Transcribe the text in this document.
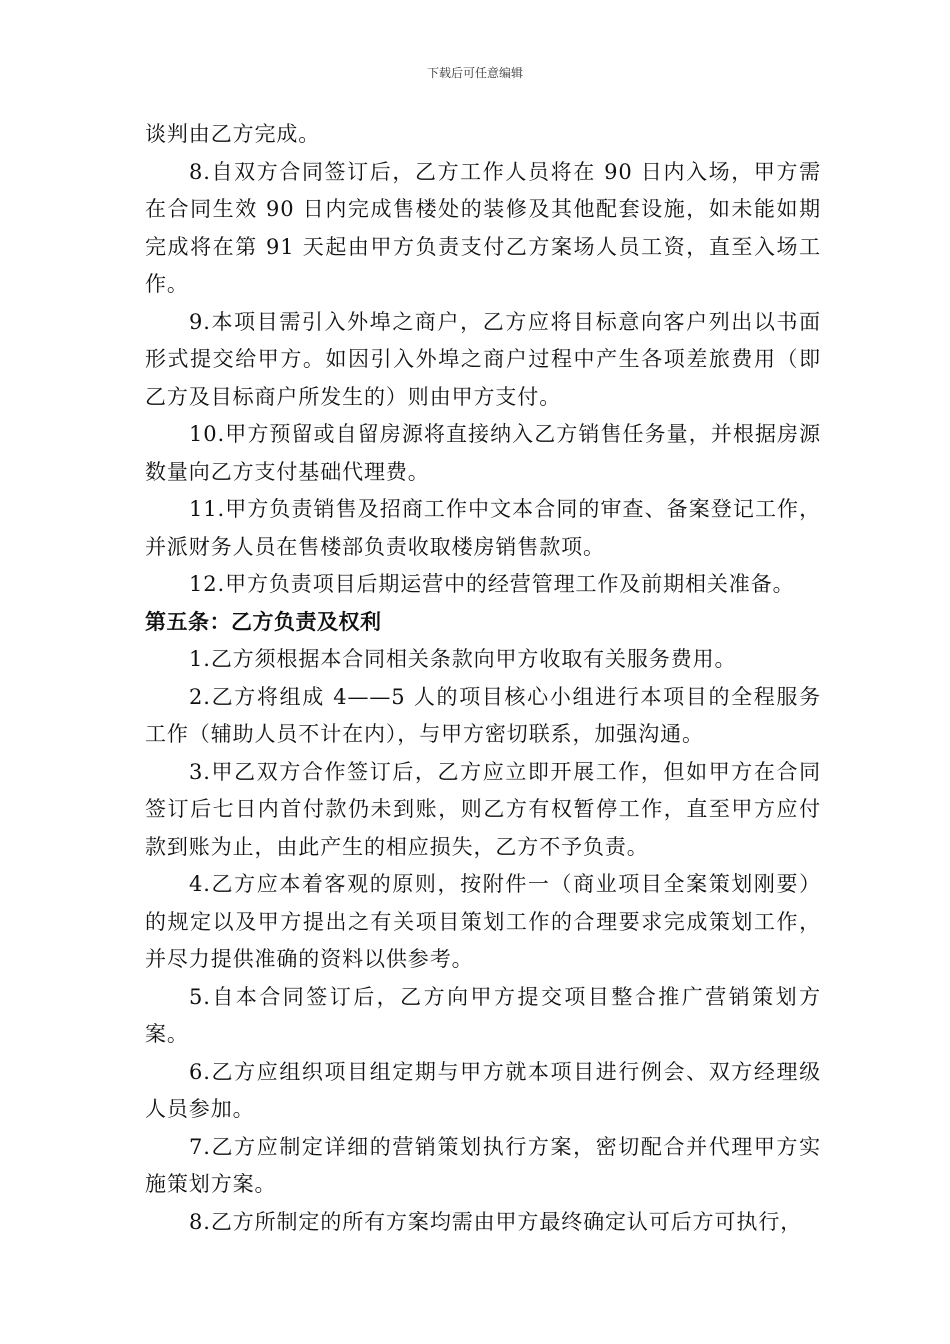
下载后可任意编辑

谈判由乙方完成。

8.自双方合同签订后，乙方工作人员将在 90 日内入场，甲方需在合同生效 90 日内完成售楼处的装修及其他配套设施，如未能如期完成将在第 91 天起由甲方负责支付乙方案场人员工资，直至入场工作。

9.本项目需引入外埠之商户，乙方应将目标意向客户列出以书面形式提交给甲方。如因引入外埠之商户过程中产生各项差旅费用（即乙方及目标商户所发生的）则由甲方支付。

10.甲方预留或自留房源将直接纳入乙方销售任务量，并根据房源数量向乙方支付基础代理费。

11.甲方负责销售及招商工作中文本合同的审查、备案登记工作，并派财务人员在售楼部负责收取楼房销售款项。

12.甲方负责项目后期运营中的经营管理工作及前期相关准备。

第五条：乙方负责及权利

1.乙方须根据本合同相关条款向甲方收取有关服务费用。

2.乙方将组成 4——5 人的项目核心小组进行本项目的全程服务工作（辅助人员不计在内），与甲方密切联系，加强沟通。

3.甲乙双方合作签订后，乙方应立即开展工作，但如甲方在合同签订后七日内首付款仍未到账，则乙方有权暂停工作，直至甲方应付款到账为止，由此产生的相应损失，乙方不予负责。

4.乙方应本着客观的原则，按附件一（商业项目全案策划刚要）的规定以及甲方提出之有关项目策划工作的合理要求完成策划工作，并尽力提供准确的资料以供参考。

5.自本合同签订后，乙方向甲方提交项目整合推广营销策划方案。

6.乙方应组织项目组定期与甲方就本项目进行例会、双方经理级人员参加。

7.乙方应制定详细的营销策划执行方案，密切配合并代理甲方实施策划方案。

8.乙方所制定的所有方案均需由甲方最终确定认可后方可执行，
